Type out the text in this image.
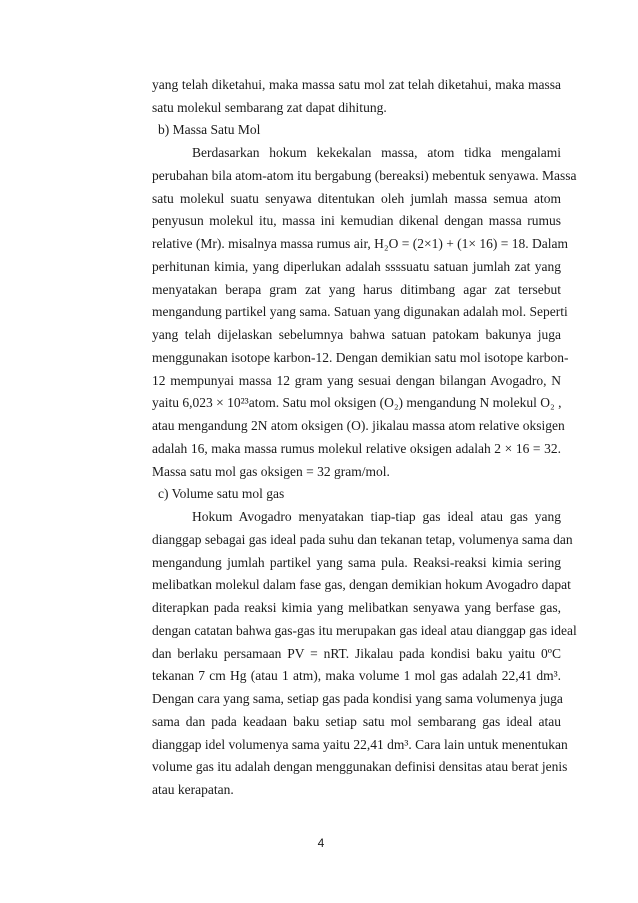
yang telah diketahui, maka massa satu mol zat telah diketahui, maka massa
satu molekul sembarang zat dapat dihitung.
b) Massa Satu Mol
Berdasarkan hokum kekekalan massa, atom tidka mengalami
perubahan bila atom-atom itu bergabung (bereaksi) mebentuk senyawa. Massa
satu molekul suatu senyawa ditentukan oleh jumlah massa semua atom
penyusun molekul itu, massa ini kemudian dikenal dengan massa rumus
relative (Mr). misalnya massa rumus air, H₂O = (2×1) + (1× 16) = 18. Dalam
perhitunan kimia, yang diperlukan adalah ssssuatu satuan jumlah zat yang
menyatakan berapa gram zat yang harus ditimbang agar zat tersebut
mengandung partikel yang sama. Satuan yang digunakan adalah mol. Seperti
yang telah dijelaskan sebelumnya bahwa satuan patokam bakunya juga
menggunakan isotope karbon-12. Dengan demikian satu mol isotope karbon-
12 mempunyai massa 12 gram yang sesuai dengan bilangan Avogadro, N
yaitu 6,023 × 10²³atom. Satu mol oksigen (O₂) mengandung N molekul O₂ ,
atau mengandung 2N atom oksigen (O). jikalau massa atom relative oksigen
adalah 16, maka massa rumus molekul relative oksigen adalah 2 × 16 = 32.
Massa satu mol gas oksigen = 32 gram/mol.
c) Volume satu mol gas
Hokum Avogadro menyatakan tiap-tiap gas ideal atau gas yang
dianggap sebagai gas ideal pada suhu dan tekanan tetap, volumenya sama dan
mengandung jumlah partikel yang sama pula. Reaksi-reaksi kimia sering
melibatkan molekul dalam fase gas, dengan demikian hokum Avogadro dapat
diterapkan pada reaksi kimia yang melibatkan senyawa yang berfase gas,
dengan catatan bahwa gas-gas itu merupakan gas ideal atau dianggap gas ideal
dan berlaku persamaan PV = nRT. Jikalau pada kondisi baku yaitu 0ºC
tekanan 7 cm Hg (atau 1 atm), maka volume 1 mol gas adalah 22,41 dm³.
Dengan cara yang sama, setiap gas pada kondisi yang sama volumenya juga
sama dan pada keadaan baku setiap satu mol sembarang gas ideal atau
dianggap idel volumenya sama yaitu 22,41 dm³. Cara lain untuk menentukan
volume gas itu adalah dengan menggunakan definisi densitas atau berat jenis
atau kerapatan.
4
